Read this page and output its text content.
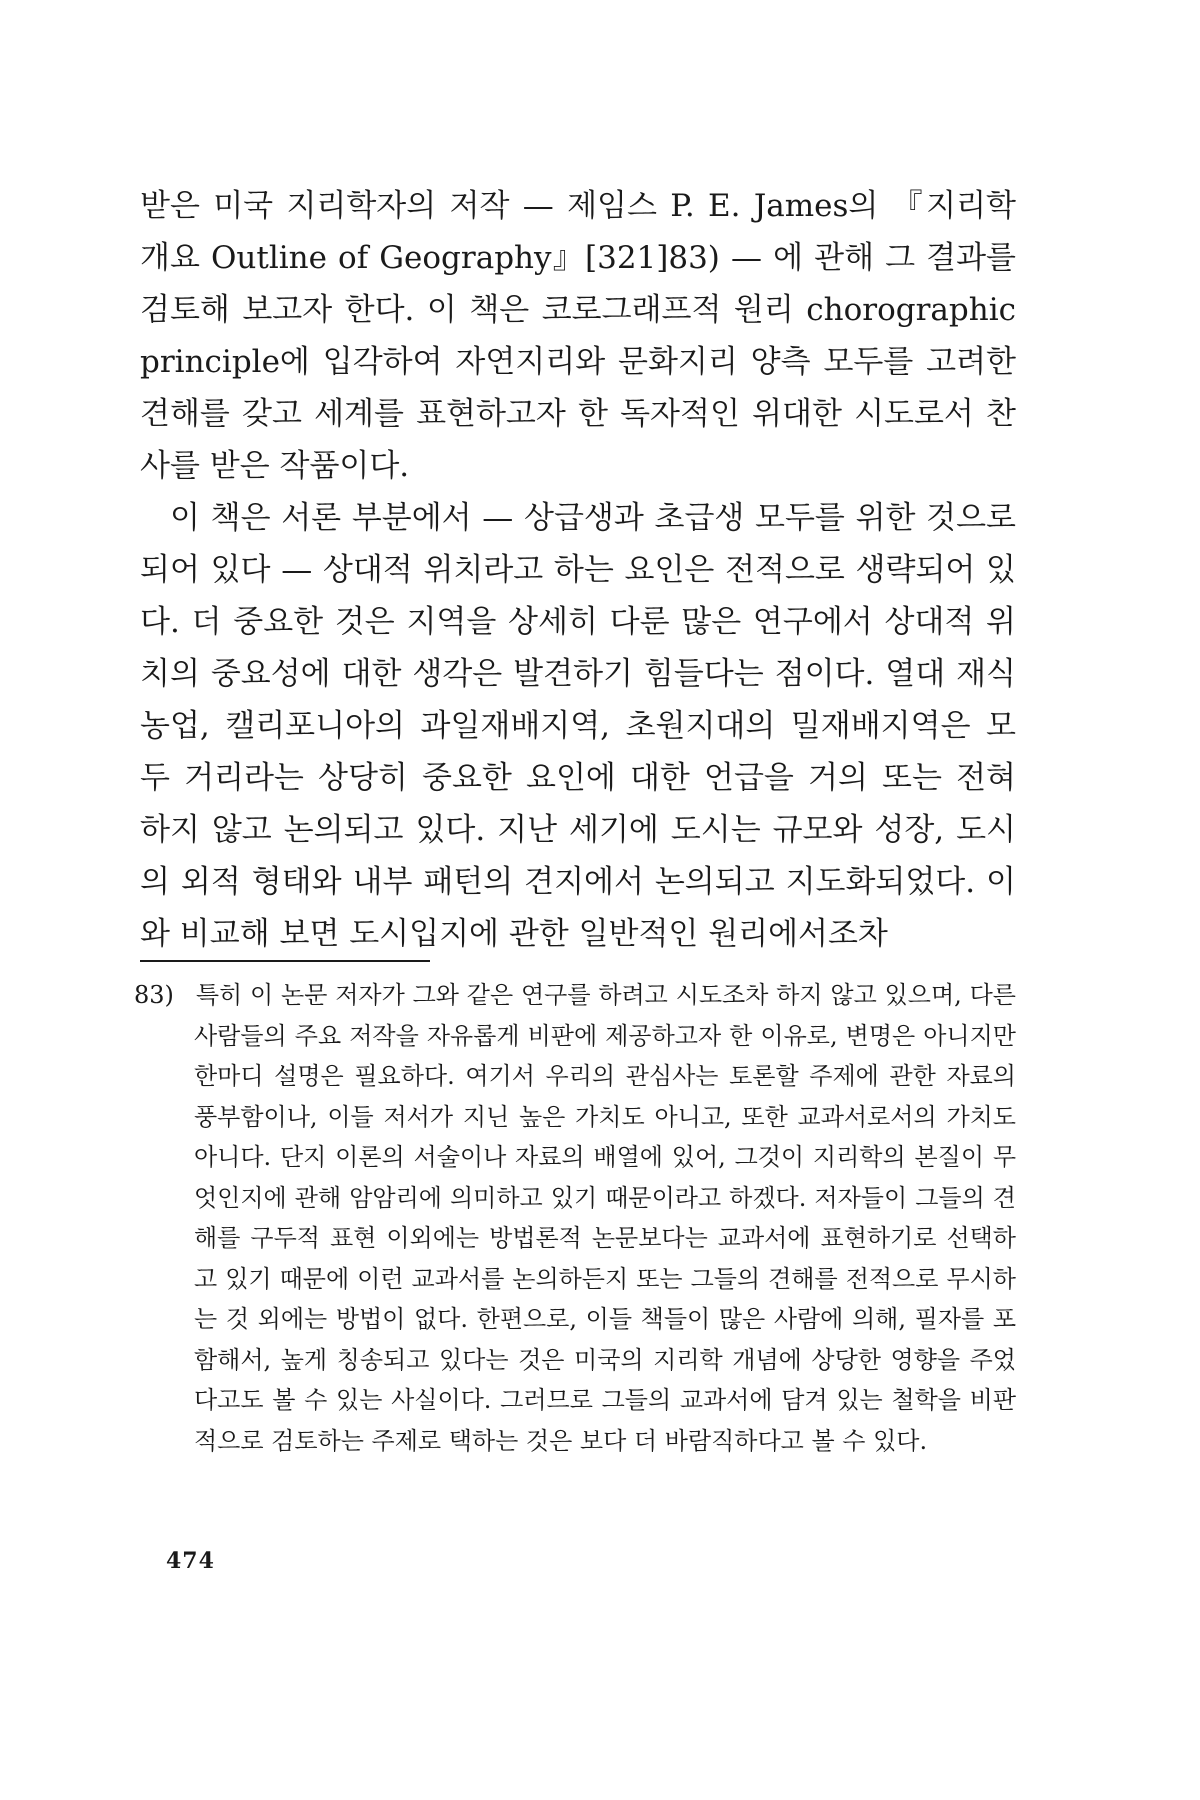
받은 미국 지리학자의 저작 — 제임스 P. E. James의 『지리학 개요 Outline of Geography』[321]83) — 에 관해 그 결과를 검토해 보고자 한다. 이 책은 코로그래프적 원리 chorographic principle에 입각하여 자연지리와 문화지리 양측 모두를 고려한 견해를 갖고 세계를 표현하고자 한 독자적인 위대한 시도로서 찬사를 받은 작품이다.

이 책은 서론 부분에서 — 상급생과 초급생 모두를 위한 것으로 되어 있다 — 상대적 위치라고 하는 요인은 전적으로 생략되어 있다. 더 중요한 것은 지역을 상세히 다룬 많은 연구에서 상대적 위치의 중요성에 대한 생각은 발견하기 힘들다는 점이다. 열대 재식농업, 캘리포니아의 과일재배지역, 초원지대의 밀재배지역은 모두 거리라는 상당히 중요한 요인에 대한 언급을 거의 또는 전혀 하지 않고 논의되고 있다. 지난 세기에 도시는 규모와 성장, 도시의 외적 형태와 내부 패턴의 견지에서 논의되고 지도화되었다. 이와 비교해 보면 도시입지에 관한 일반적인 원리에서조차

83) 특히 이 논문 저자가 그와 같은 연구를 하려고 시도조차 하지 않고 있으며, 다른 사람들의 주요 저작을 자유롭게 비판에 제공하고자 한 이유로, 변명은 아니지만 한마디 설명은 필요하다. 여기서 우리의 관심사는 토론할 주제에 관한 자료의 풍부함이나, 이들 저서가 지닌 높은 가치도 아니고, 또한 교과서로서의 가치도 아니다. 단지 이론의 서술이나 자료의 배열에 있어, 그것이 지리학의 본질이 무엇인지에 관해 암암리에 의미하고 있기 때문이라고 하겠다. 저자들이 그들의 견해를 구두적 표현 이외에는 방법론적 논문보다는 교과서에 표현하기로 선택하고 있기 때문에 이런 교과서를 논의하든지 또는 그들의 견해를 전적으로 무시하는 것 외에는 방법이 없다. 한편으로, 이들 책들이 많은 사람에 의해, 필자를 포함해서, 높게 칭송되고 있다는 것은 미국의 지리학 개념에 상당한 영향을 주었다고도 볼 수 있는 사실이다. 그러므로 그들의 교과서에 담겨 있는 철학을 비판적으로 검토하는 주제로 택하는 것은 보다 더 바람직하다고 볼 수 있다.
474
